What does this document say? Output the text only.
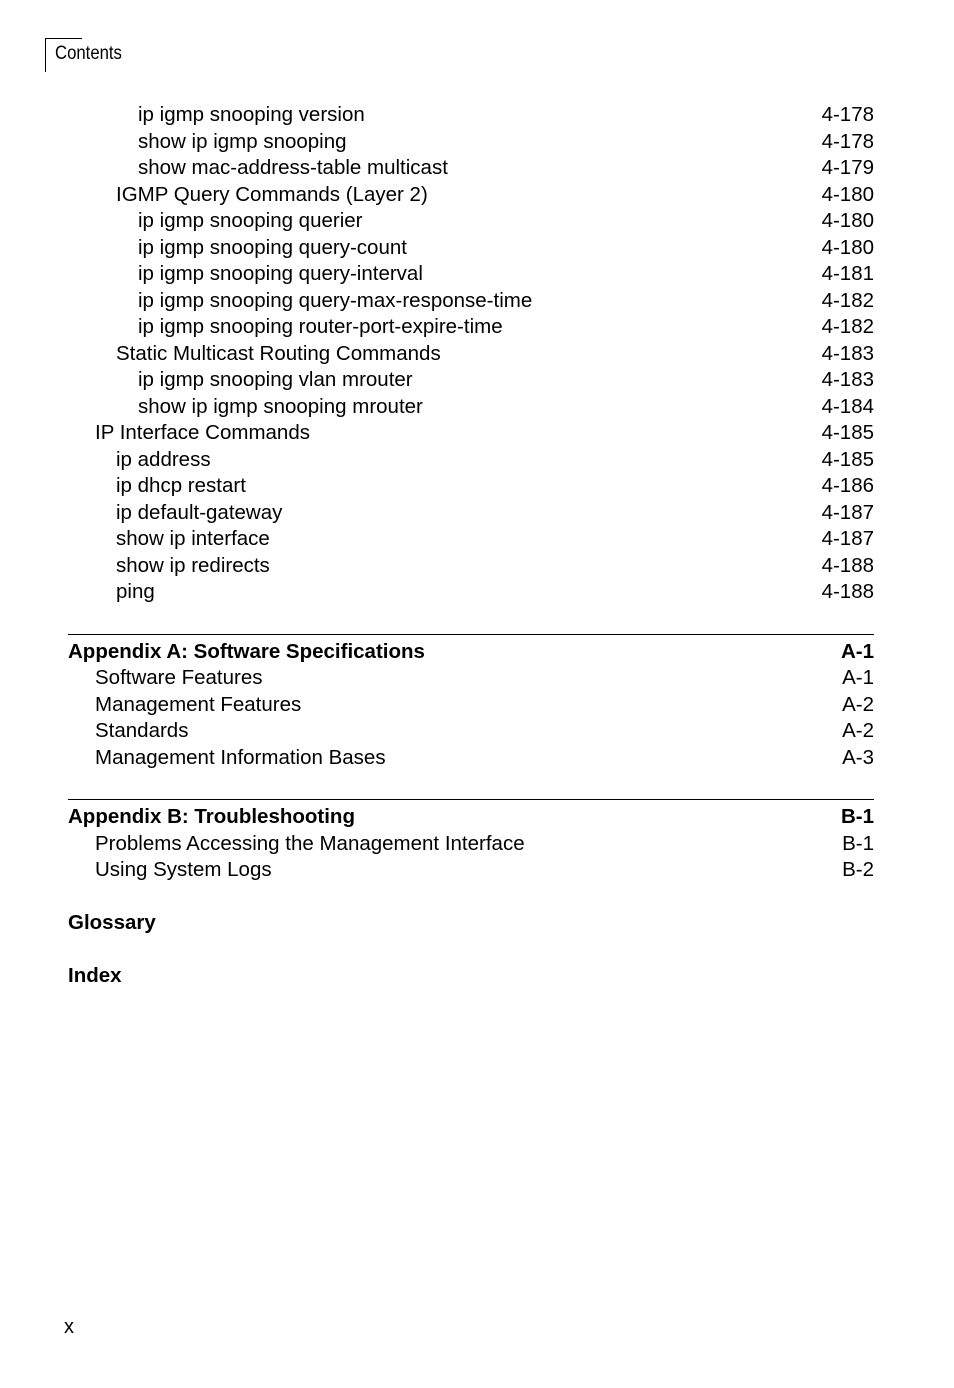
Contents
ip igmp snooping version	4-178
show ip igmp snooping	4-178
show mac-address-table multicast	4-179
IGMP Query Commands (Layer 2)	4-180
ip igmp snooping querier	4-180
ip igmp snooping query-count	4-180
ip igmp snooping query-interval	4-181
ip igmp snooping query-max-response-time	4-182
ip igmp snooping router-port-expire-time	4-182
Static Multicast Routing Commands	4-183
ip igmp snooping vlan mrouter	4-183
show ip igmp snooping mrouter	4-184
IP Interface Commands	4-185
ip address	4-185
ip dhcp restart	4-186
ip default-gateway	4-187
show ip interface	4-187
show ip redirects	4-188
ping	4-188
Appendix A: Software Specifications	A-1
Software Features	A-1
Management Features	A-2
Standards	A-2
Management Information Bases	A-3
Appendix B: Troubleshooting	B-1
Problems Accessing the Management Interface	B-1
Using System Logs	B-2
Glossary
Index
x
